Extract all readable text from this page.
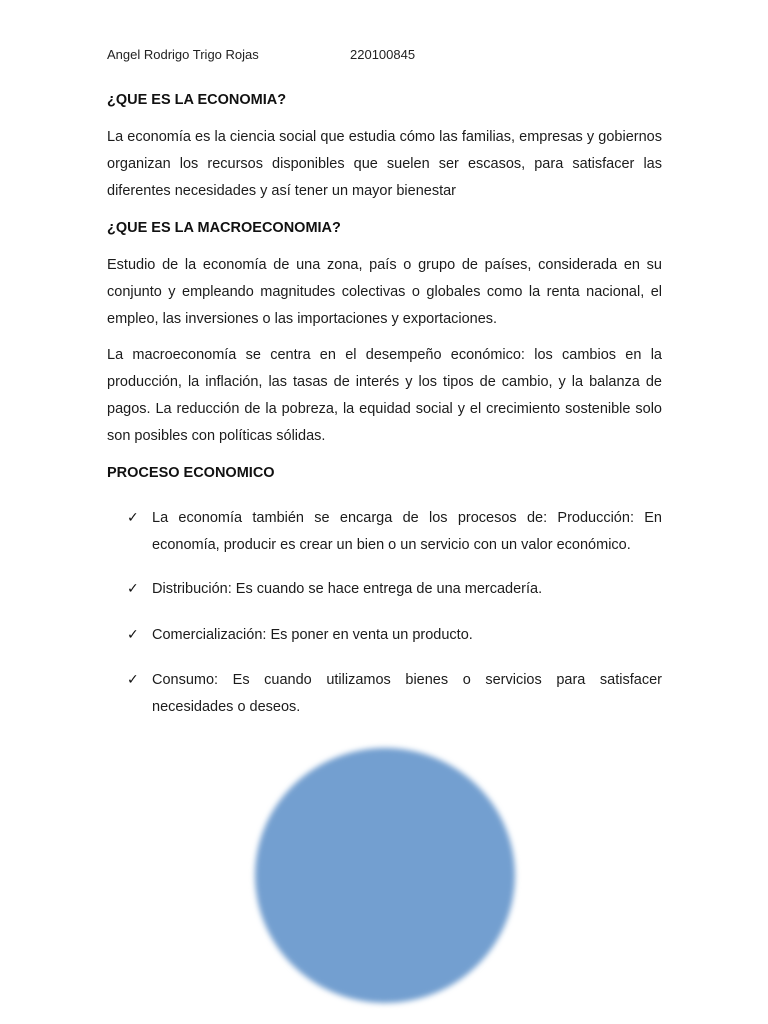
Angel Rodrigo Trigo Rojas	220100845
¿QUE ES LA ECONOMIA?

La economía es la ciencia social que estudia cómo las familias, empresas y gobiernos organizan los recursos disponibles que suelen ser escasos, para satisfacer las diferentes necesidades y así tener un mayor bienestar

¿QUE ES LA MACROECONOMIA?

Estudio de la economía de una zona, país o grupo de países, considerada en su conjunto y empleando magnitudes colectivas o globales como la renta nacional, el empleo, las inversiones o las importaciones y exportaciones.

La macroeconomía se centra en el desempeño económico: los cambios en la producción, la inflación, las tasas de interés y los tipos de cambio, y la balanza de pagos. La reducción de la pobreza, la equidad social y el crecimiento sostenible solo son posibles con políticas sólidas.

PROCESO ECONOMICO
✓ La economía también se encarga de los procesos de: Producción: En economía, producir es crear un bien o un servicio con un valor económico.
✓ Distribución: Es cuando se hace entrega de una mercadería.
✓ Comercialización: Es poner en venta un producto.
✓ Consumo: Es cuando utilizamos bienes o servicios para satisfacer necesidades o deseos.
